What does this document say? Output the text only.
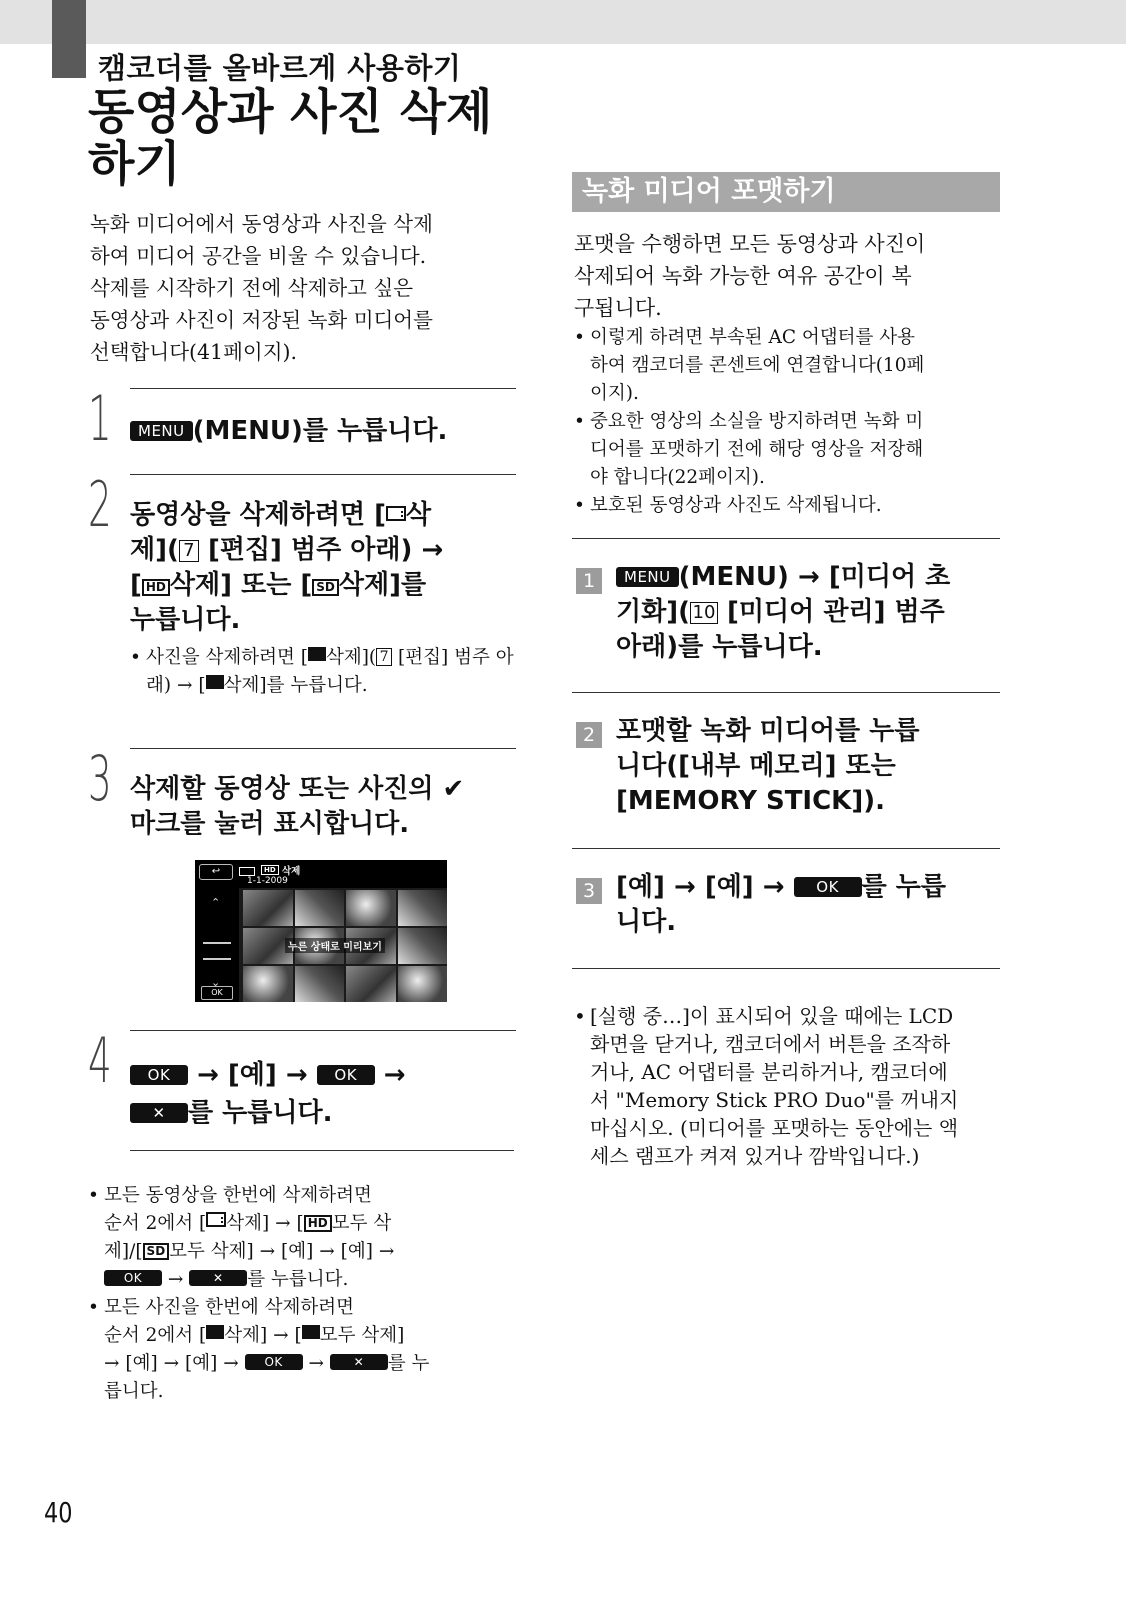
캠코더를 올바르게 사용하기
동영상과 사진 삭제
하기

녹화 미디어에서 동영상과 사진을 삭제
하여 미디어 공간을 비울 수 있습니다.
삭제를 시작하기 전에 삭제하고 싶은
동영상과 사진이 저장된 녹화 미디어를
선택합니다(41페이지).

1	MENU (MENU)를 누릅니다.
2 동영상을 삭제하려면 [ 삭
제]( 7 [편집] 범주 아래) →
[ HD 삭제] 또는 [ SD 삭제]를
누릅니다.
• 사진을 삭제하려면 [ 삭제]( 7 [편집] 범주 아래) → [ 삭제]를 누릅니다.
3 삭제할 동영상 또는 사진의 ✔
마크를 눌러 표시합니다.
↩	HD 삭제
1-1-2009
⌃
⌄
OK
누른 상태로 미리보기
4	OK → [예] → OK →
✕ 를 누릅니다.
• 모든 동영상을 한번에 삭제하려면
순서 2에서 [ 삭제] → [ HD 모두 삭
제]/[ SD 모두 삭제] → [예] → [예] →
OK → ✕ 를 누릅니다.
• 모든 사진을 한번에 삭제하려면
순서 2에서 [ 삭제] → [ 모두 삭제]
→ [예] → [예] → OK → ✕ 를 누
릅니다.
녹화 미디어 포맷하기

포맷을 수행하면 모든 동영상과 사진이
삭제되어 녹화 가능한 여유 공간이 복
구됩니다.

• 이렇게 하려면 부속된 AC 어댑터를 사용
하여 캠코더를 콘센트에 연결합니다(10페
이지).
• 중요한 영상의 소실을 방지하려면 녹화 미
디어를 포맷하기 전에 해당 영상을 저장해
야 합니다(22페이지).
• 보호된 동영상과 사진도 삭제됩니다.
1	MENU (MENU) → [미디어 초
기화]( 10 [미디어 관리] 범주
아래)를 누릅니다.
2 포맷할 녹화 미디어를 누릅
니다([내부 메모리] 또는
[MEMORY STICK]).
3 [예] → [예] → OK 를 누릅
니다.
• [실행 중…]이 표시되어 있을 때에는 LCD
화면을 닫거나, 캠코더에서 버튼을 조작하
거나, AC 어댑터를 분리하거나, 캠코더에
서 "Memory Stick PRO Duo"를 꺼내지
마십시오. (미디어를 포맷하는 동안에는 액
세스 램프가 켜져 있거나 깜박입니다.)
40
